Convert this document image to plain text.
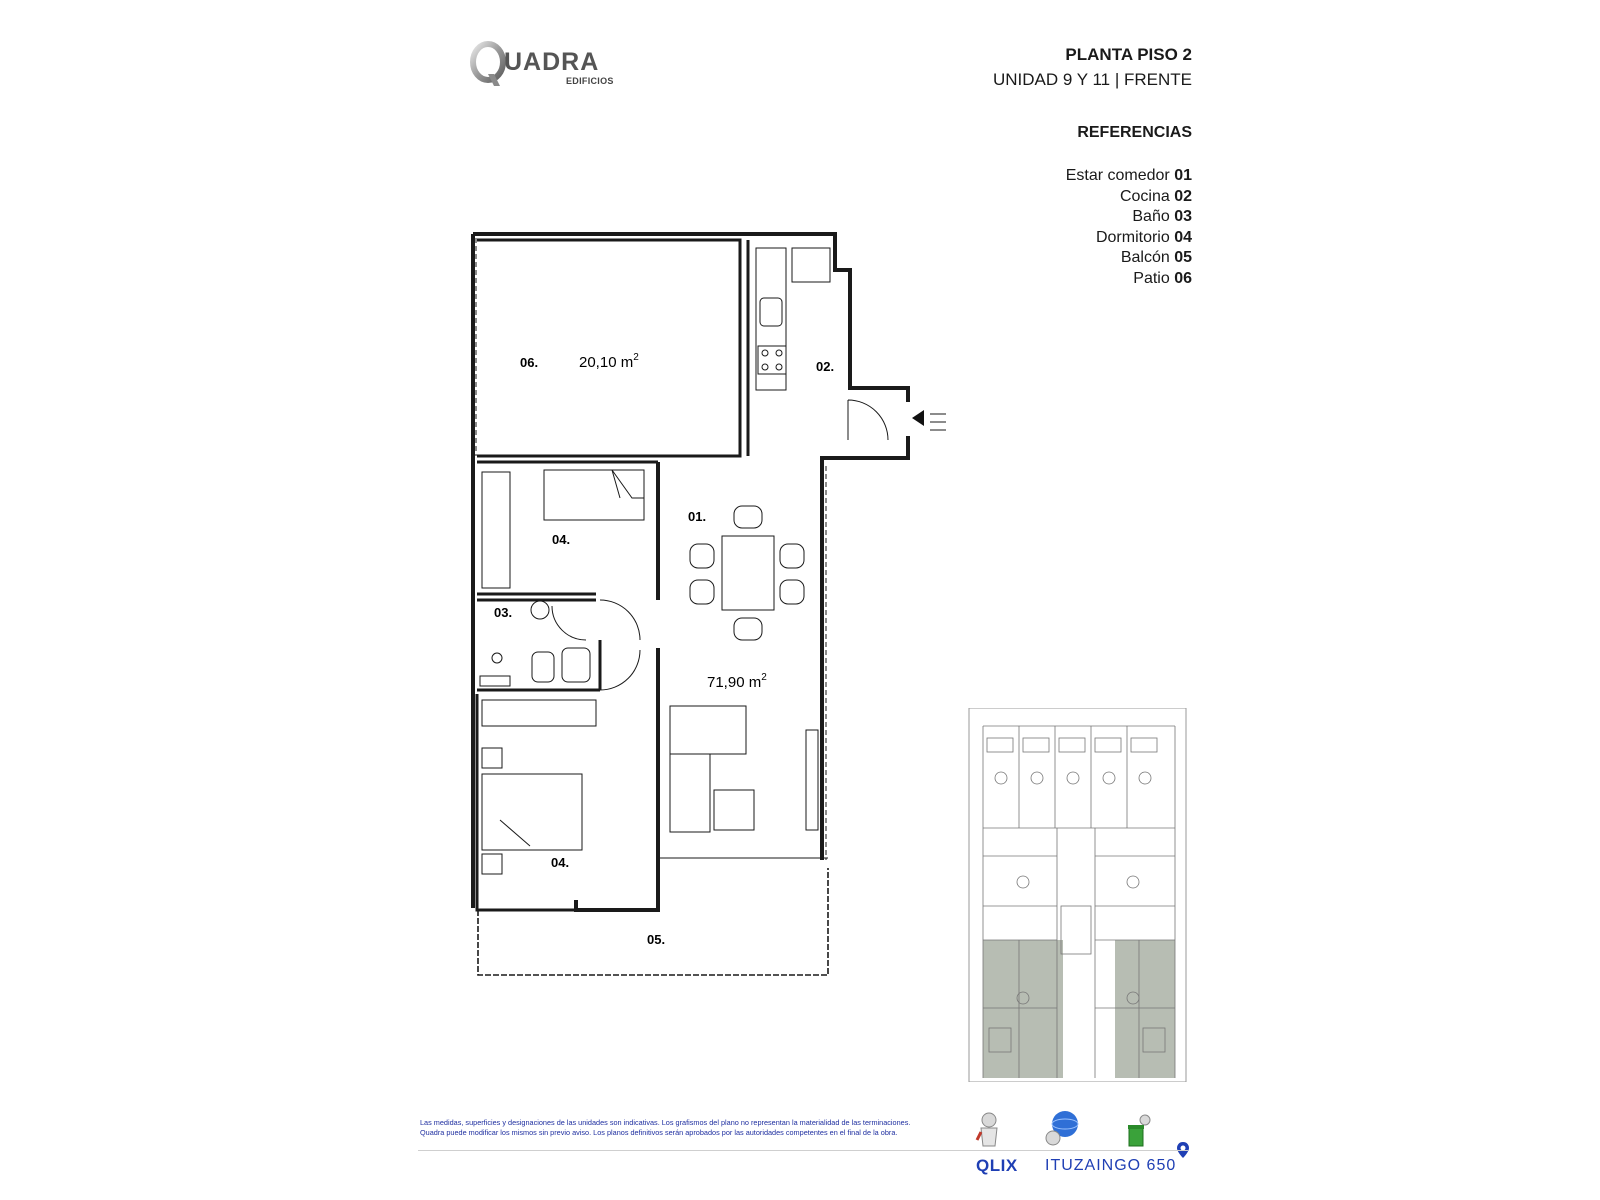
UADRA
EDIFICIOS
PLANTA PISO 2
UNIDAD 9 Y 11 | FRENTE
REFERENCIAS
Estar comedor 01
Cocina 02
Baño 03
Dormitorio 04
Balcón 05
Patio 06
06.	20,10 $m^2$
02.
01.
04.
03.
71,90 $m^2$
04.
05.
Las medidas, superficies y designaciones de las unidades son indicativas. Los grafismos del plano no representan la materialidad de las terminaciones.
Quadra puede modificar los mismos sin previo aviso. Los planos definitivos serán aprobados por las autoridades competentes en el final de la obra.
QLIX ITUZAINGO 650
